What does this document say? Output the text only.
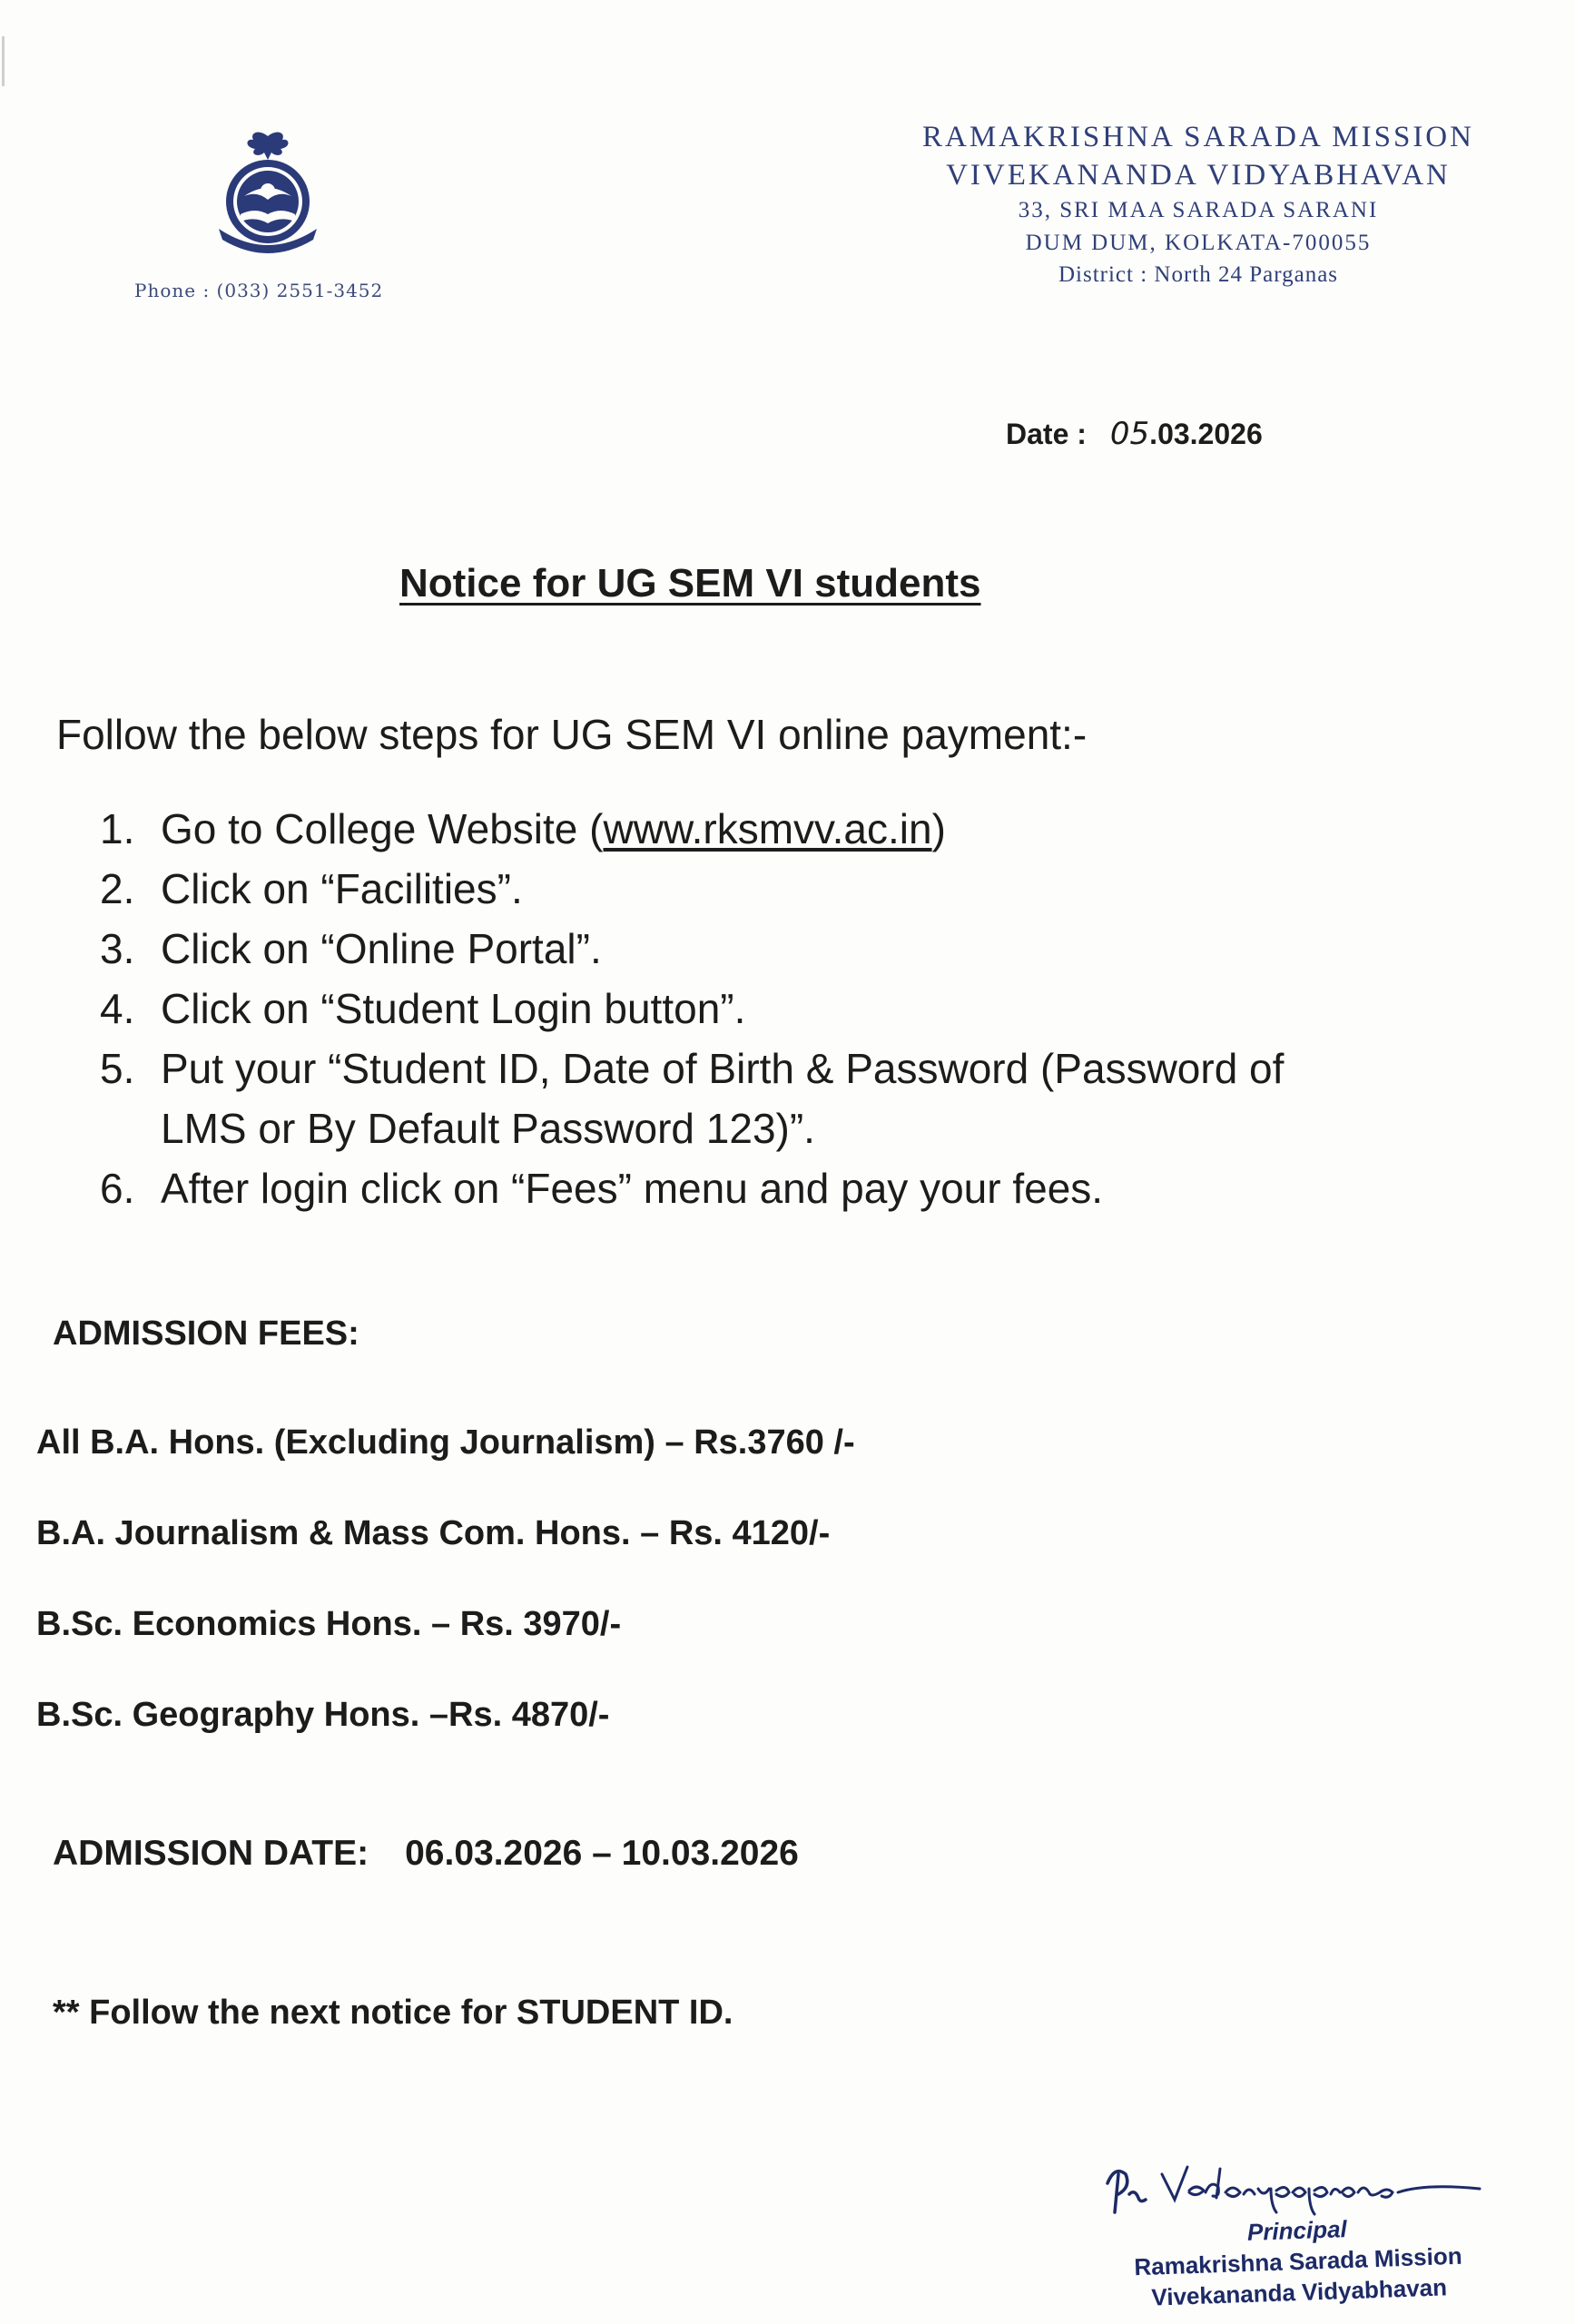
Phone : (033) 2551-3452
RAMAKRISHNA SARADA MISSION
VIVEKANANDA VIDYABHAVAN
33, SRI MAA SARADA SARANI
DUM DUM, KOLKATA-700055
District : North 24 Parganas
Date : 05.03.2026
Notice for UG SEM VI students
Follow the below steps for UG SEM VI online payment:-
1. Go to College Website (www.rksmvv.ac.in)
2. Click on “Facilities”.
3. Click on “Online Portal”.
4. Click on “Student Login button”.
5. Put your “Student ID, Date of Birth & Password (Password of LMS or By Default Password 123)”.
6. After login click on “Fees” menu and pay your fees.
ADMISSION FEES:
All B.A. Hons. (Excluding Journalism) – Rs.3760 /-
B.A. Journalism & Mass Com. Hons. – Rs. 4120/-
B.Sc. Economics Hons. – Rs. 3970/-
B.Sc. Geography Hons. –Rs. 4870/-
ADMISSION DATE: 06.03.2026 – 10.03.2026
** Follow the next notice for STUDENT ID.
Principal
Ramakrishna Sarada Mission
Vivekananda Vidyabhavan
